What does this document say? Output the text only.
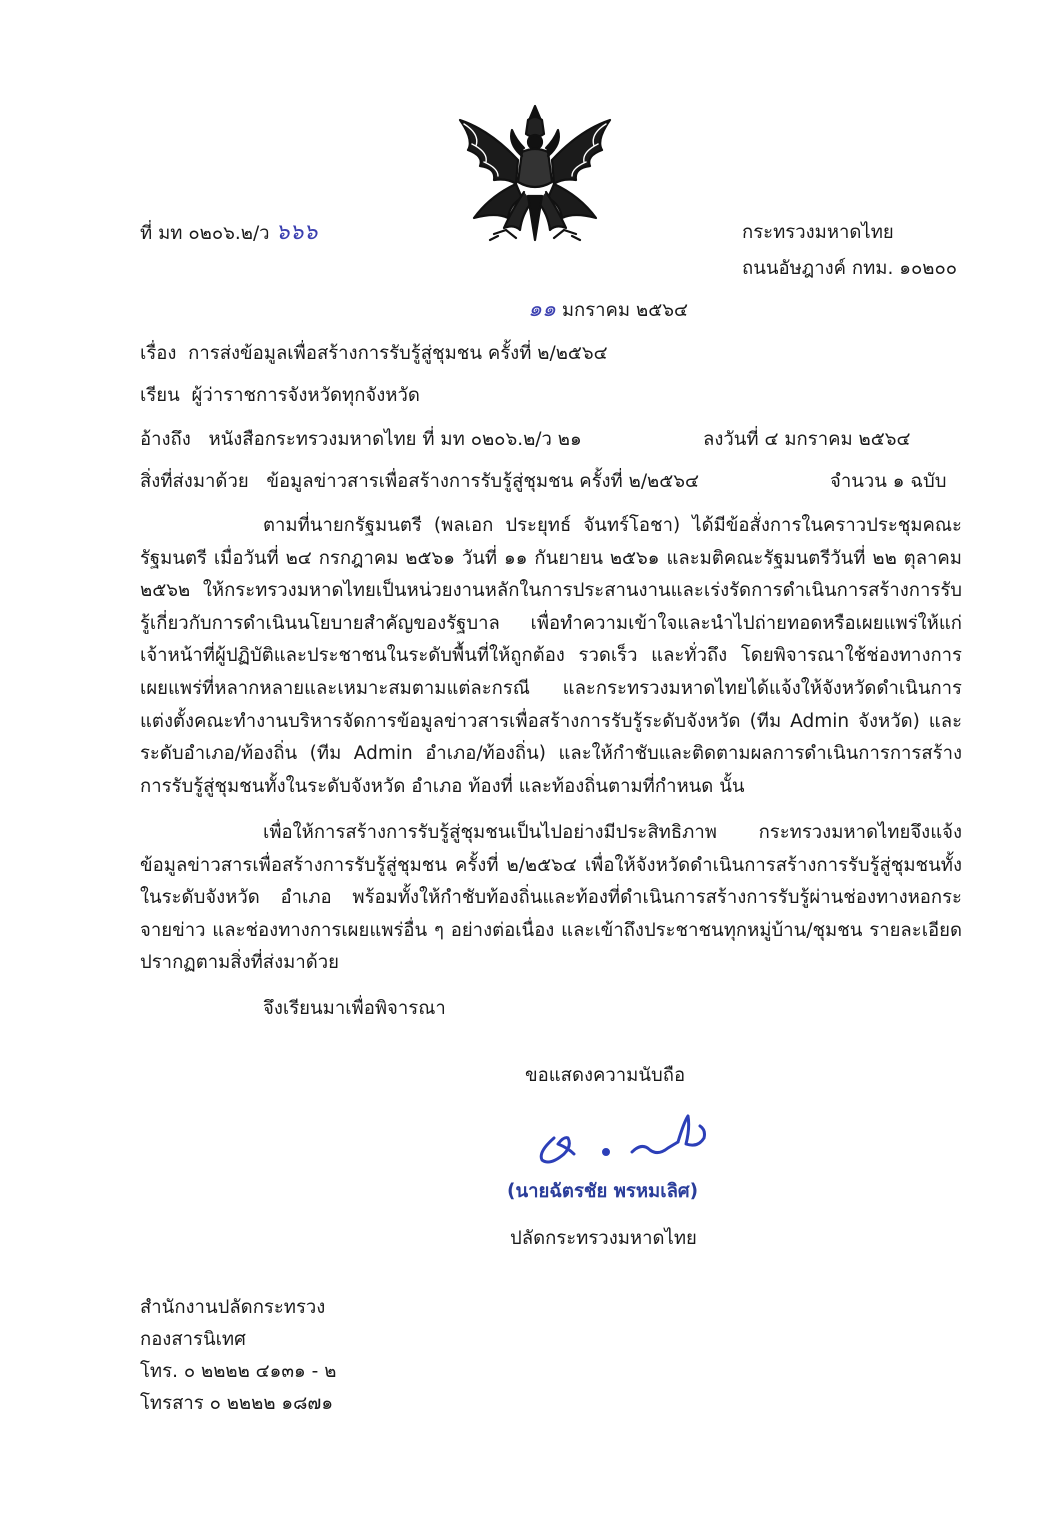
ที่ มท ๐๒๐๖.๒/ว ๖๖๖	กระทรวงมหาดไทย
ถนนอัษฎางค์ กทม. ๑๐๒๐๐
๑๑ มกราคม ๒๕๖๔
เรื่อง การส่งข้อมูลเพื่อสร้างการรับรู้สู่ชุมชน ครั้งที่ ๒/๒๕๖๔
เรียน ผู้ว่าราชการจังหวัดทุกจังหวัด
อ้างถึง หนังสือกระทรวงมหาดไทย ที่ มท ๐๒๐๖.๒/ว ๒๑	ลงวันที่ ๔ มกราคม ๒๕๖๔
สิ่งที่ส่งมาด้วย ข้อมูลข่าวสารเพื่อสร้างการรับรู้สู่ชุมชน ครั้งที่ ๒/๒๕๖๔	จำนวน ๑ ฉบับ
ตามที่นายกรัฐมนตรี (พลเอก ประยุทธ์ จันทร์โอชา) ได้มีข้อสั่งการในคราวประชุมคณะรัฐมนตรี เมื่อวันที่ ๒๔ กรกฎาคม ๒๕๖๑ วันที่ ๑๑ กันยายน ๒๕๖๑ และมติคณะรัฐมนตรีวันที่ ๒๒ ตุลาคม ๒๕๖๒ ให้กระทรวงมหาดไทยเป็นหน่วยงานหลักในการประสานงานและเร่งรัดการดำเนินการสร้างการรับรู้เกี่ยวกับการดำเนินนโยบายสำคัญของรัฐบาล เพื่อทำความเข้าใจและนำไปถ่ายทอดหรือเผยแพร่ให้แก่เจ้าหน้าที่ผู้ปฏิบัติและประชาชนในระดับพื้นที่ให้ถูกต้อง รวดเร็ว และทั่วถึง โดยพิจารณาใช้ช่องทางการเผยแพร่ที่หลากหลายและเหมาะสมตามแต่ละกรณี และกระทรวงมหาดไทยได้แจ้งให้จังหวัดดำเนินการแต่งตั้งคณะทำงานบริหารจัดการข้อมูลข่าวสารเพื่อสร้างการรับรู้ระดับจังหวัด (ทีม Admin จังหวัด) และระดับอำเภอ/ท้องถิ่น (ทีม Admin อำเภอ/ท้องถิ่น) และให้กำชับและติดตามผลการดำเนินการการสร้างการรับรู้สู่ชุมชนทั้งในระดับจังหวัด อำเภอ ท้องที่ และท้องถิ่นตามที่กำหนด นั้น
เพื่อให้การสร้างการรับรู้สู่ชุมชนเป็นไปอย่างมีประสิทธิภาพ กระทรวงมหาดไทยจึงแจ้งข้อมูลข่าวสารเพื่อสร้างการรับรู้สู่ชุมชน ครั้งที่ ๒/๒๕๖๔ เพื่อให้จังหวัดดำเนินการสร้างการรับรู้สู่ชุมชนทั้งในระดับจังหวัด อำเภอ พร้อมทั้งให้กำชับท้องถิ่นและท้องที่ดำเนินการสร้างการรับรู้ผ่านช่องทางหอกระจายข่าว และช่องทางการเผยแพร่อื่น ๆ อย่างต่อเนื่อง และเข้าถึงประชาชนทุกหมู่บ้าน/ชุมชน รายละเอียดปรากฏตามสิ่งที่ส่งมาด้วย
จึงเรียนมาเพื่อพิจารณา
ขอแสดงความนับถือ
(นายฉัตรชัย พรหมเลิศ)
ปลัดกระทรวงมหาดไทย
สำนักงานปลัดกระทรวง
กองสารนิเทศ
โทร. ๐ ๒๒๒๒ ๔๑๓๑ - ๒
โทรสาร ๐ ๒๒๒๒ ๑๘๗๑
